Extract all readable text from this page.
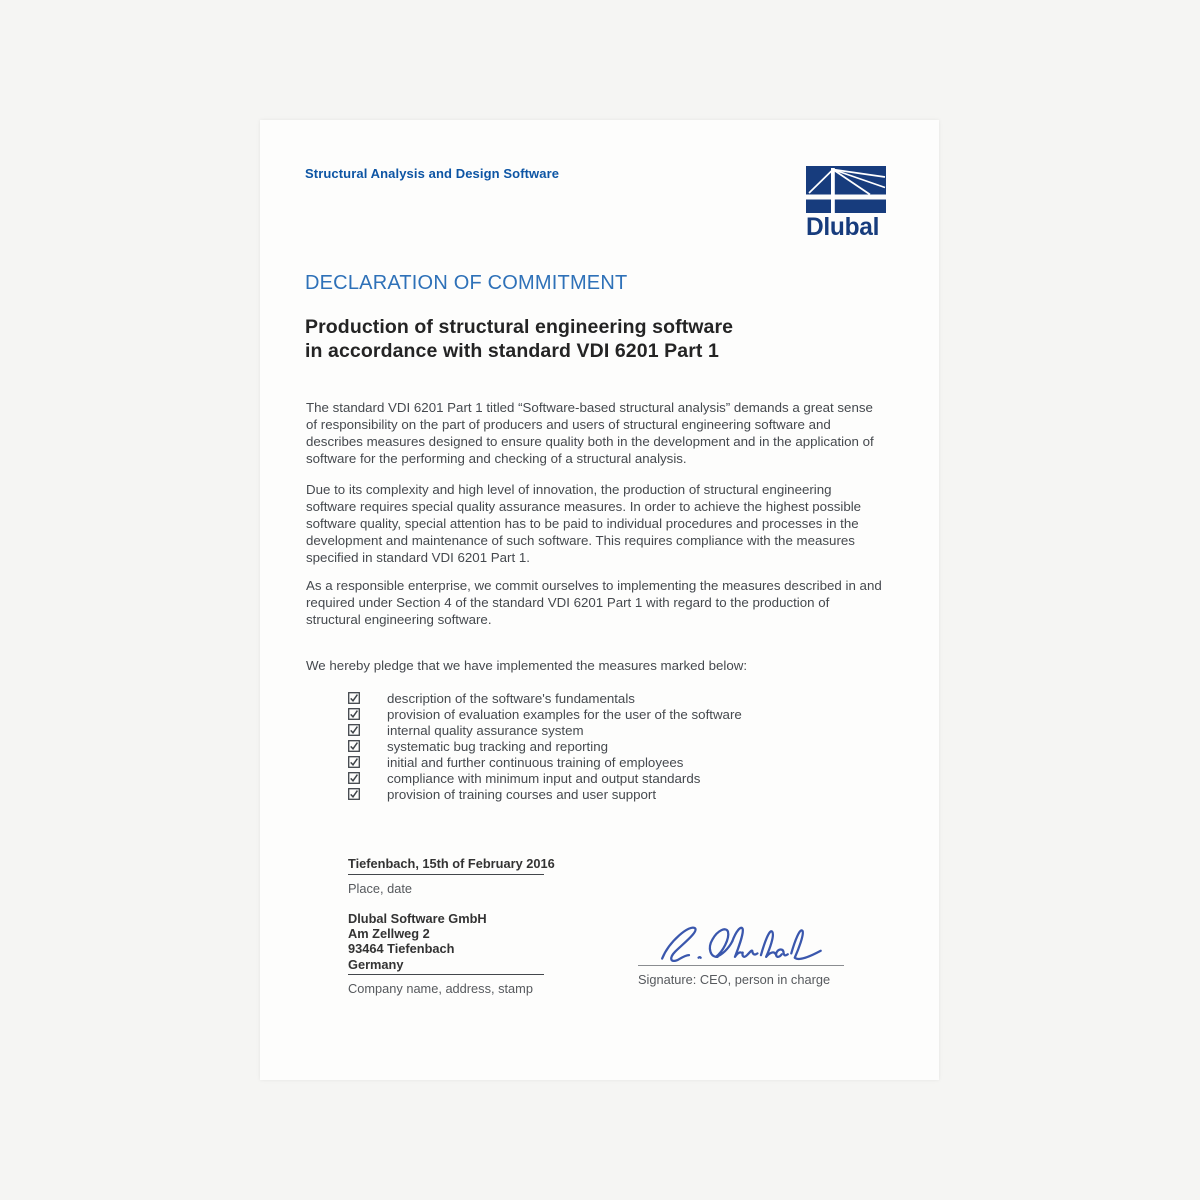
Structural Analysis and Design Software
Dlubal
DECLARATION OF COMMITMENT
Production of structural engineering software
in accordance with standard VDI 6201 Part 1
The standard VDI 6201 Part 1 titled “Software-based structural analysis” demands a great sense of responsibility on the part of producers and users of structural engineering software and describes measures designed to ensure quality both in the development and in the application of software for the performing and checking of a structural analysis.
Due to its complexity and high level of innovation, the production of structural engineering software requires special quality assurance measures. In order to achieve the highest possible software quality, special attention has to be paid to individual procedures and processes in the development and maintenance of such software. This requires compliance with the measures specified in standard VDI 6201 Part 1.
As a responsible enterprise, we commit ourselves to implementing the measures described in and required under Section 4 of the standard VDI 6201 Part 1 with regard to the production of structural engineering software.
We hereby pledge that we have implemented the measures marked below:
description of the software's fundamentals
provision of evaluation examples for the user of the software
internal quality assurance system
systematic bug tracking and reporting
initial and further continuous training of employees
compliance with minimum input and output standards
provision of training courses and user support
Tiefenbach, 15th of February 2016
Place, date
Dlubal Software GmbH
Am Zellweg 2
93464 Tiefenbach
Germany
Company name, address, stamp
Signature: CEO, person in charge
